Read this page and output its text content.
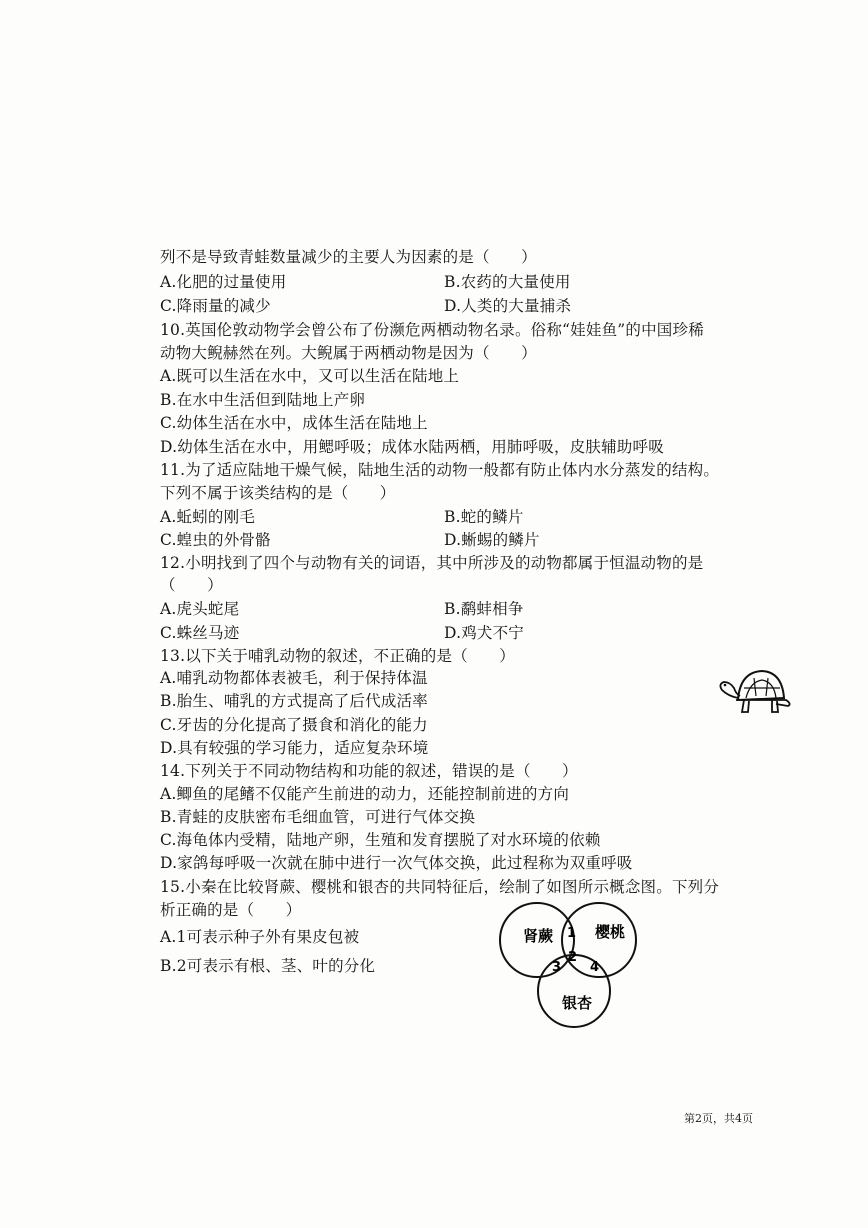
列不是导致青蛙数量减少的主要人为因素的是（　　）
A.化肥的过量使用	B.农药的大量使用
C.降雨量的减少	D.人类的大量捕杀
10.英国伦敦动物学会曾公布了份濒危两栖动物名录。俗称“娃娃鱼”的中国珍稀
动物大鲵赫然在列。大鲵属于两栖动物是因为（　　）
A.既可以生活在水中，又可以生活在陆地上
B.在水中生活但到陆地上产卵
C.幼体生活在水中，成体生活在陆地上
D.幼体生活在水中，用鳃呼吸；成体水陆两栖，用肺呼吸，皮肤辅助呼吸
11.为了适应陆地干燥气候，陆地生活的动物一般都有防止体内水分蒸发的结构。
下列不属于该类结构的是（　　）
A.蚯蚓的刚毛	B.蛇的鳞片
C.蝗虫的外骨骼	D.蜥蜴的鳞片
12.小明找到了四个与动物有关的词语，其中所涉及的动物都属于恒温动物的是
（　　）
A.虎头蛇尾	B.鹬蚌相争
C.蛛丝马迹	D.鸡犬不宁
13.以下关于哺乳动物的叙述，不正确的是（　　）
A.哺乳动物都体表被毛，利于保持体温
B.胎生、哺乳的方式提高了后代成活率
C.牙齿的分化提高了摄食和消化的能力
D.具有较强的学习能力，适应复杂环境
14.下列关于不同动物结构和功能的叙述，错误的是（　　）
A.鲫鱼的尾鳍不仅能产生前进的动力，还能控制前进的方向
B.青蛙的皮肤密布毛细血管，可进行气体交换
C.海龟体内受精，陆地产卵，生殖和发育摆脱了对水环境的依赖
D.家鸽每呼吸一次就在肺中进行一次气体交换，此过程称为双重呼吸
15.小秦在比较肾蕨、樱桃和银杏的共同特征后，绘制了如图所示概念图。下列分
析正确的是（　　）
A.1可表示种子外有果皮包被
B.2可表示有根、茎、叶的分化
肾蕨	樱桃
银杏
1
2
3 4
第2页，共4页
